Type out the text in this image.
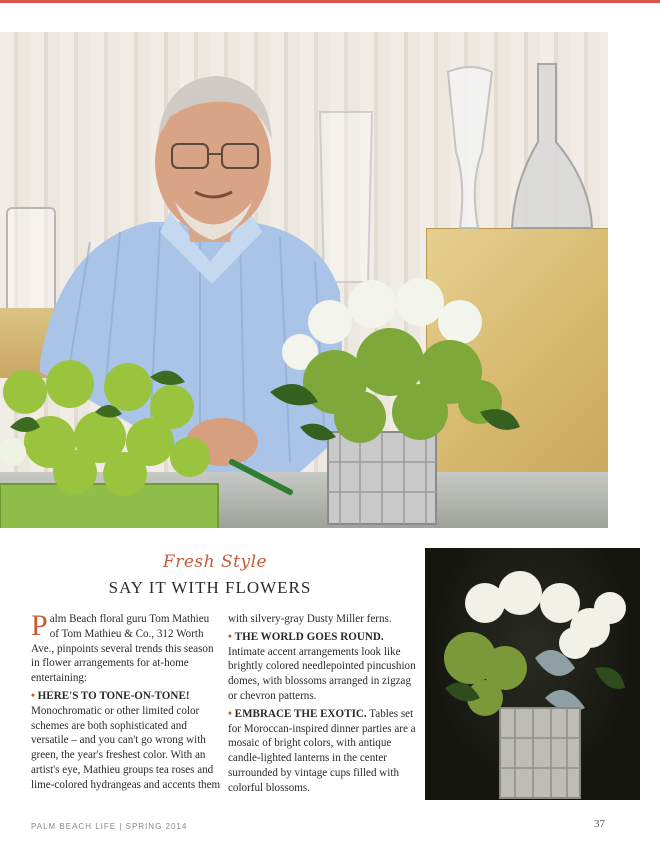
Fresh Style
SAY IT WITH FLOWERS

Palm Beach floral guru Tom Mathieu of Tom Mathieu & Co., 312 Worth Ave., pinpoints several trends this season in flower arrangements for at-home entertaining:

• HERE'S TO TONE-ON-TONE!
Monochromatic or other limited color schemes are both sophisticated and versatile – and you can't go wrong with green, the year's freshest color. With an artist's eye, Mathieu groups tea roses and lime-colored hydrangeas and accents them

with silvery-gray Dusty Miller ferns.

• THE WORLD GOES ROUND.
Intimate accent arrangements look like brightly colored needlepointed pincushion domes, with blossoms arranged in zigzag or chevron patterns.

• EMBRACE THE EXOTIC. Tables set for Moroccan-inspired dinner parties are a mosaic of bright colors, with antique candle-lighted lanterns in the center surrounded by vintage cups filled with colorful blossoms.

PALM BEACH LIFE | SPRING 2014	37
